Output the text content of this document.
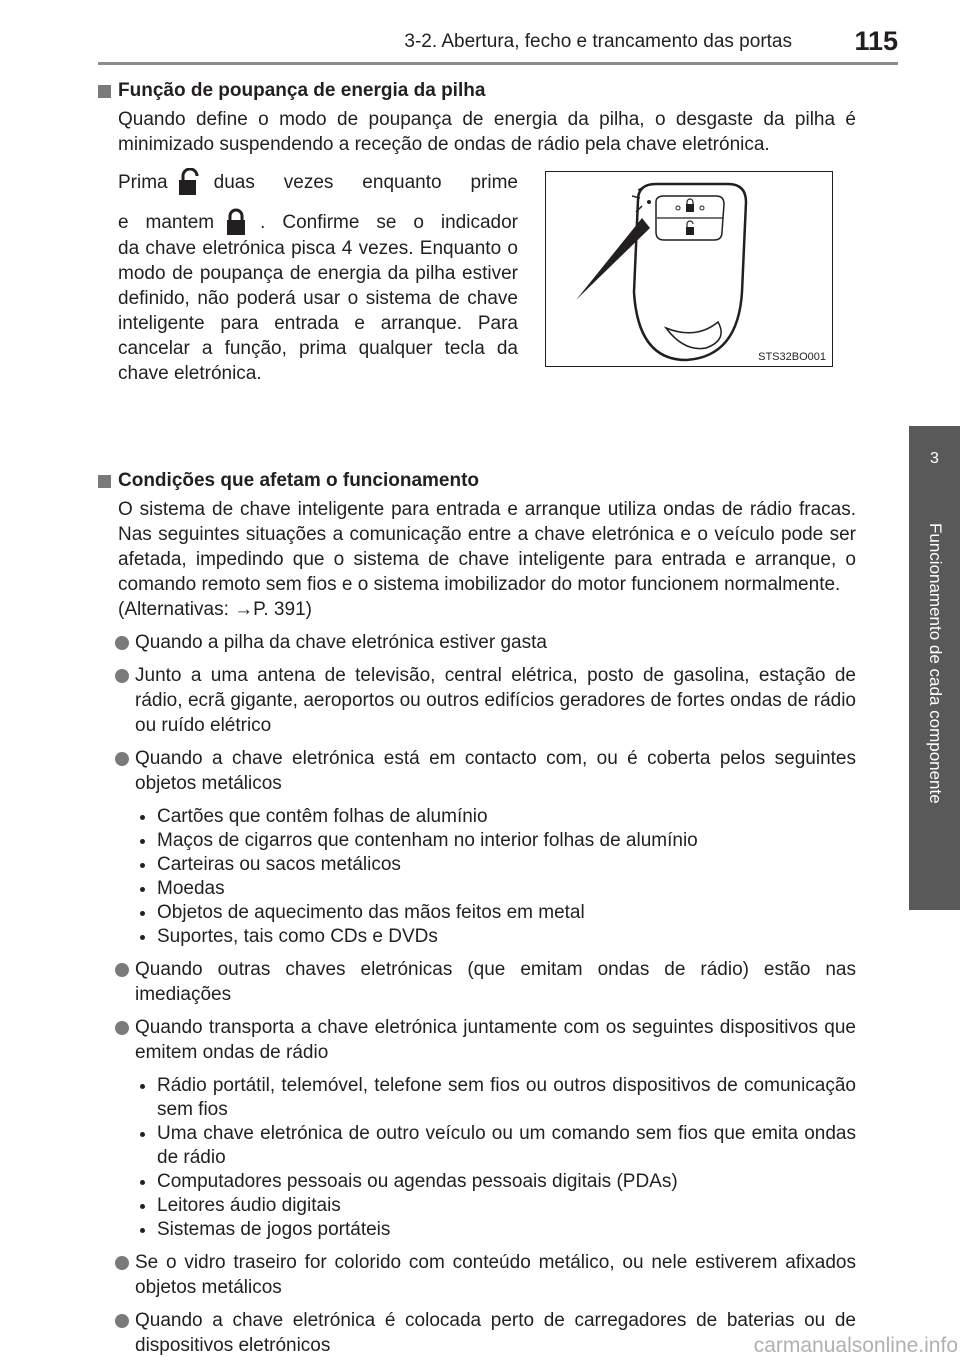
3-2. Abertura, fecho e trancamento das portas 115
3
Funcionamento de cada componente
Função de poupança de energia da pilha

Quando define o modo de poupança de energia da pilha, o desgaste da pilha é minimizado suspendendo a receção de ondas de rádio pela chave eletrónica.

Prima duas vezes enquanto prime
e mantem . Confirme se o indicador
da chave eletrónica pisca 4 vezes. Enquanto o modo de poupança de energia da pilha estiver definido, não poderá usar o sistema de chave inteligente para entrada e arranque. Para cancelar a função, prima qualquer tecla da chave eletrónica.
Condições que afetam o funcionamento

O sistema de chave inteligente para entrada e arranque utiliza ondas de rádio fracas. Nas seguintes situações a comunicação entre a chave eletrónica e o veículo pode ser afetada, impedindo que o sistema de chave inteligente para entrada e arranque, o comando remoto sem fios e o sistema imobilizador do motor funcionem normalmente.

(Alternativas: →P. 391)

Quando a pilha da chave eletrónica estiver gasta
Junto a uma antena de televisão, central elétrica, posto de gasolina, estação de rádio, ecrã gigante, aeroportos ou outros edifícios geradores de fortes ondas de rádio ou ruído elétrico
Quando a chave eletrónica está em contacto com, ou é coberta pelos seguintes objetos metálicos
Cartões que contêm folhas de alumínio
Maços de cigarros que contenham no interior folhas de alumínio
Carteiras ou sacos metálicos
Moedas
Objetos de aquecimento das mãos feitos em metal
Suportes, tais como CDs e DVDs
Quando outras chaves eletrónicas (que emitam ondas de rádio) estão nas imediações
Quando transporta a chave eletrónica juntamente com os seguintes dispositivos que emitem ondas de rádio
Rádio portátil, telemóvel, telefone sem fios ou outros dispositivos de comunicação sem fios
Uma chave eletrónica de outro veículo ou um comando sem fios que emita ondas de rádio
Computadores pessoais ou agendas pessoais digitais (PDAs)
Leitores áudio digitais
Sistemas de jogos portáteis
Se o vidro traseiro for colorido com conteúdo metálico, ou nele estiverem afixados objetos metálicos
Quando a chave eletrónica é colocada perto de carregadores de baterias ou de dispositivos eletrónicos
STS32BO001
carmanualsonline.info
